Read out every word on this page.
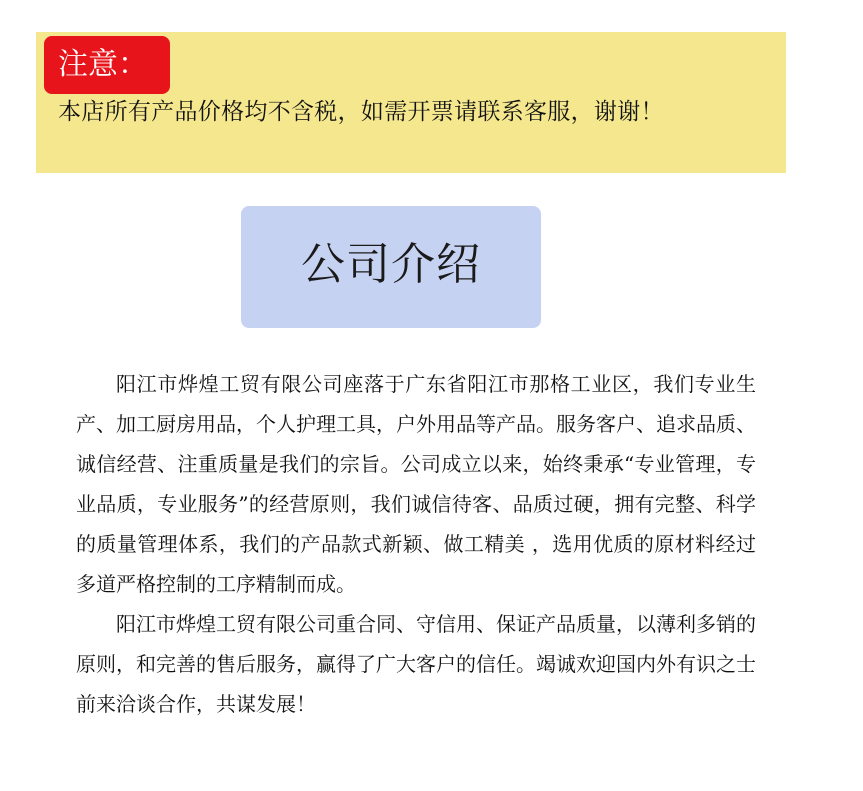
注意：
本店所有产品价格均不含税，如需开票请联系客服，谢谢！
公司介绍

阳江市烨煌工贸有限公司座落于广东省阳江市那格工业区，我们专业生产、加工厨房用品，个人护理工具，户外用品等产品。服务客户、追求品质、诚信经营、注重质量是我们的宗旨。公司成立以来，始终秉承“专业管理，专业品质，专业服务”的经营原则，我们诚信待客、品质过硬，拥有完整、科学的质量管理体系，我们的产品款式新颖、做工精美 ，选用优质的原材料经过多道严格控制的工序精制而成。

阳江市烨煌工贸有限公司重合同、守信用、保证产品质量，以薄利多销的原则，和完善的售后服务，赢得了广大客户的信任。竭诚欢迎国内外有识之士前来洽谈合作，共谋发展！
